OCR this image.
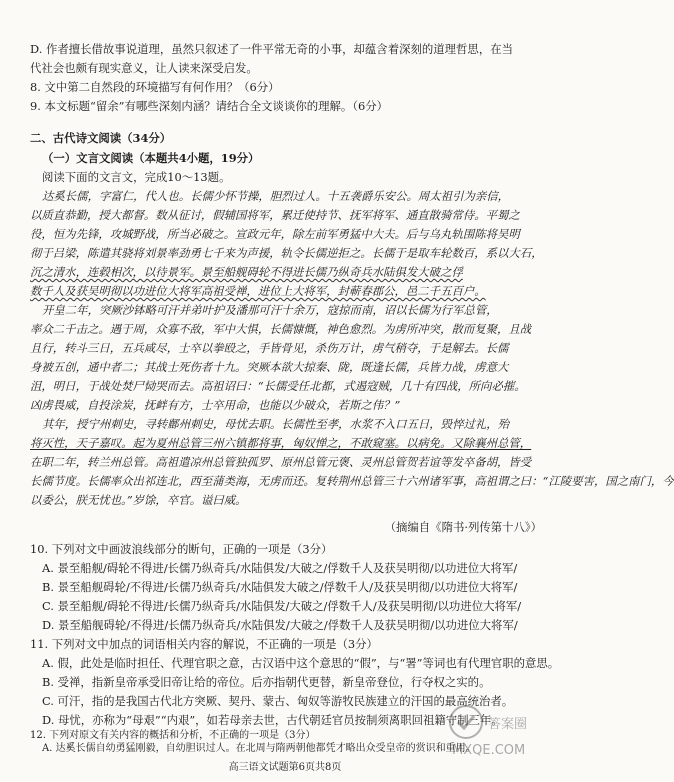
D. 作者擅长借故事说道理，虽然只叙述了一件平常无奇的小事，却蕴含着深刻的道理哲思，在当
代社会也颇有现实意义，让人读来深受启发。
8. 文中第二自然段的环境描写有何作用？（6分）
9. 本文标题“留余”有哪些深刻内涵？请结合全文谈谈你的理解。（6分）
二、古代诗文阅读（34分）
（一）文言文阅读（本题共4小题，19分）
阅读下面的文言文，完成10～13题。
达奚长儒，字富仁，代人也。长儒少怀节操，胆烈过人。十五袭爵乐安公。周太祖引为亲信，
以质直恭勤，授大都督。数从征讨，假辅国将军，累迁使持节、抚军将军、通直散骑常侍。平蜀之
役，恒为先锋，攻城野战，所当必破之。宣政元年，除左前军勇猛中大夫。后与乌丸轨围陈将吴明
彻于吕梁，陈遣其骁将刘景率劲勇七千来为声援，轨令长儒逆拒之。长儒于是取车轮数百，系以大石，
沉之清水，连毂相次，以待景军。景至船舰碍轮不得进长儒乃纵奇兵水陆俱发大破之俘
数千人及获吴明彻以功进位大将军高祖受禅，进位上大将军，封蕲春郡公，邑二千五百户。
开皇二年，突厥沙钵略可汗并弟叶护及潘那可汗十余万，寇掠而南，诏以长儒为行军总管，
率众二千击之。遇于周，众寡不敌，军中大惧，长儒慷慨，神色愈烈。为虏所冲突，散而复聚，且战
且行，转斗三日，五兵咸尽，士卒以拳殴之，手皆骨见，杀伤万计，虏气稍夺，于是解去。长儒
身被五创，通中者二；其战士死伤者十九。突厥本欲大掠秦、陇，既逢长儒，兵皆力战，虏意大
沮，明日，于战处焚尸恸哭而去。高祖诏曰：“长儒受任北都，式遏寇贼，几十有四战，所向必摧。
凶虏畏威，自投涂炭，抚衅有方，士卒用命，也能以少破众，若斯之伟？”
其年，授宁州刺史，寻转鄜州刺史，母忧去职。长儒性至孝，水浆不入口五日，毁悴过礼，殆
将灭性，天子嘉叹。起为夏州总管三州六镇都将事，匈奴惮之，不敢窥塞。以病免。又除襄州总管，
在职二年，转兰州总管。高祖遣凉州总管独孤罗、原州总管元褒、灵州总管贺若谊等发卒备胡，皆受
长儒节度。长儒率众出祁连北，西至蒲类海，无虏而还。复转荆州总管三十六州诸军事，高祖谓之曰：“江陵要害，国之南门，今
以委公，朕无忧也。”岁馀，卒官。谥曰威。
（摘编自《隋书·列传第十八》）
10. 下列对文中画波浪线部分的断句，正确的一项是（3分）
A. 景至船舰/碍轮不得进/长儒乃纵奇兵/水陆俱发/大破之/俘数千人及获吴明彻/以功进位大将军/
B. 景至船舰碍轮/不得进/长儒乃纵奇兵/水陆俱发大破之/俘数千人/及获吴明彻/以功进位大将军/
C. 景至船舰/碍轮不得进/长儒乃纵奇兵/水陆俱发/大破之/俘数千人/及获吴明彻/以功进位大将军/
D. 景至船舰碍轮/不得进/长儒乃纵奇兵/水陆俱发/大破之/俘数千人及获吴明彻/以功进位大将军/
11. 下列对文中加点的词语相关内容的解说，不正确的一项是（3分）
A. 假，此处是临时担任、代理官职之意，古汉语中这个意思的“假”，与“署”等词也有代理官职的意思。
B. 受禅，指新皇帝承受旧帝让给的帝位。后亦指朝代更替，新皇帝登位，行夺权之实的。
C. 可汗，指的是我国古代北方突厥、契丹、蒙古、匈奴等游牧民族建立的汗国的最高统治者。
D. 母忧，亦称为“母艰”“内艰”，如若母亲去世，古代朝廷官员按制须离职回祖籍守制三年。
12. 下列对原文有关内容的概括和分析，不正确的一项是（3分）
A. 达奚长儒自幼勇猛刚毅，自幼胆识过人。在北周与隋两朝他都凭才略出众受皇帝的赏识和重用。
高三语文试题第6页共8页
答案圈
MXQE.COM
